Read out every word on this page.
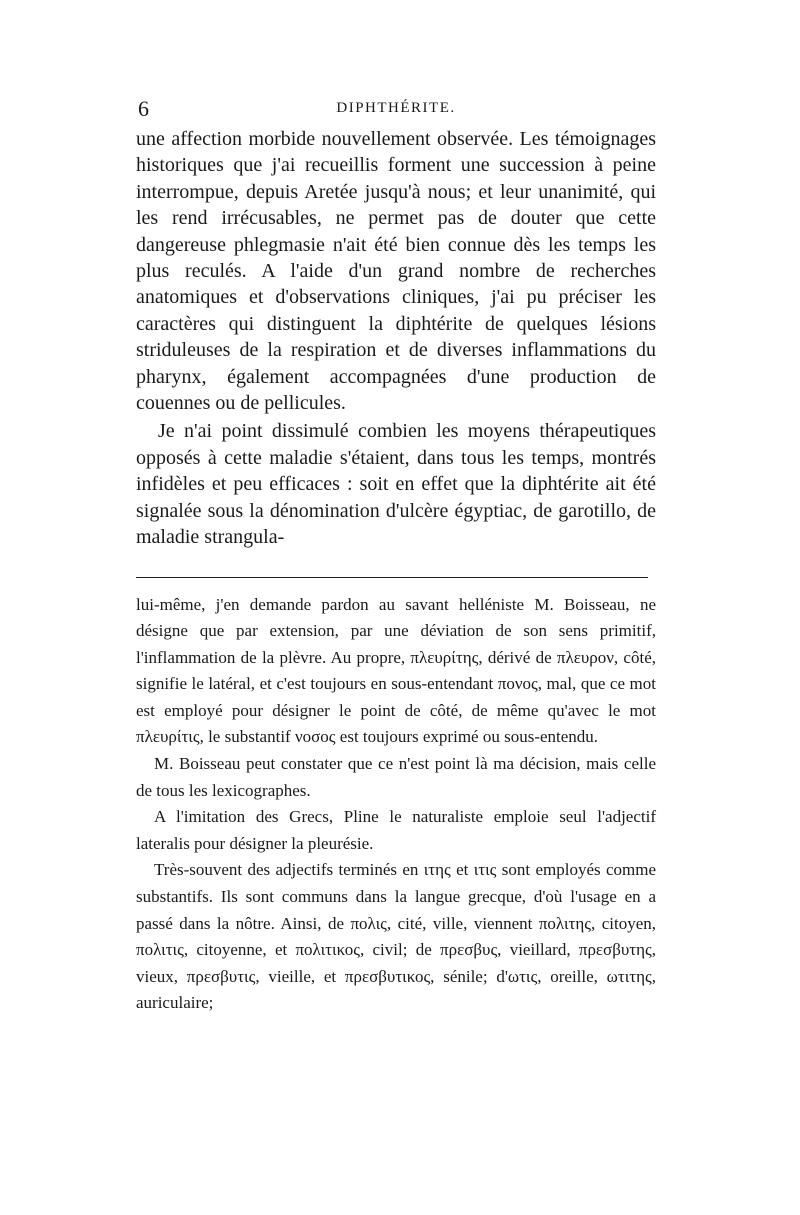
6	DIPHTHÉRITE.

une affection morbide nouvellement observée. Les témoignages historiques que j'ai recueillis forment une succession à peine interrompue, depuis Aretée jusqu'à nous; et leur unanimité, qui les rend irrécusables, ne permet pas de douter que cette dangereuse phlegmasie n'ait été bien connue dès les temps les plus reculés. A l'aide d'un grand nombre de recherches anatomiques et d'observations cliniques, j'ai pu préciser les caractères qui distinguent la diphtérite de quelques lésions striduleuses de la respiration et de diverses inflammations du pharynx, également accompagnées d'une production de couennes ou de pellicules.

Je n'ai point dissimulé combien les moyens thérapeutiques opposés à cette maladie s'étaient, dans tous les temps, montrés infidèles et peu efficaces : soit en effet que la diphtérite ait été signalée sous la dénomination d'ulcère égyptiac, de garotillo, de maladie strangula-

lui-même, j'en demande pardon au savant helléniste M. Boisseau, ne désigne que par extension, par une déviation de son sens primitif, l'inflammation de la plèvre. Au propre, πλευρίτης, dérivé de πλευρον, côté, signifie le latéral, et c'est toujours en sous-entendant πονος, mal, que ce mot est employé pour désigner le point de côté, de même qu'avec le mot πλευρίτις, le substantif νοσος est toujours exprimé ou sous-entendu.

M. Boisseau peut constater que ce n'est point là ma décision, mais celle de tous les lexicographes.

A l'imitation des Grecs, Pline le naturaliste emploie seul l'adjectif lateralis pour désigner la pleurésie.

Très-souvent des adjectifs terminés en ιτης et ιτις sont employés comme substantifs. Ils sont communs dans la langue grecque, d'où l'usage en a passé dans la nôtre. Ainsi, de πολις, cité, ville, viennent πολιτης, citoyen, πολιτις, citoyenne, et πολιτικος, civil; de πρεσβυς, vieillard, πρεσβυτης, vieux, πρεσβυτις, vieille, et πρεσβυτικος, sénile; d'ωτις, oreille, ωτιτης, auriculaire;
